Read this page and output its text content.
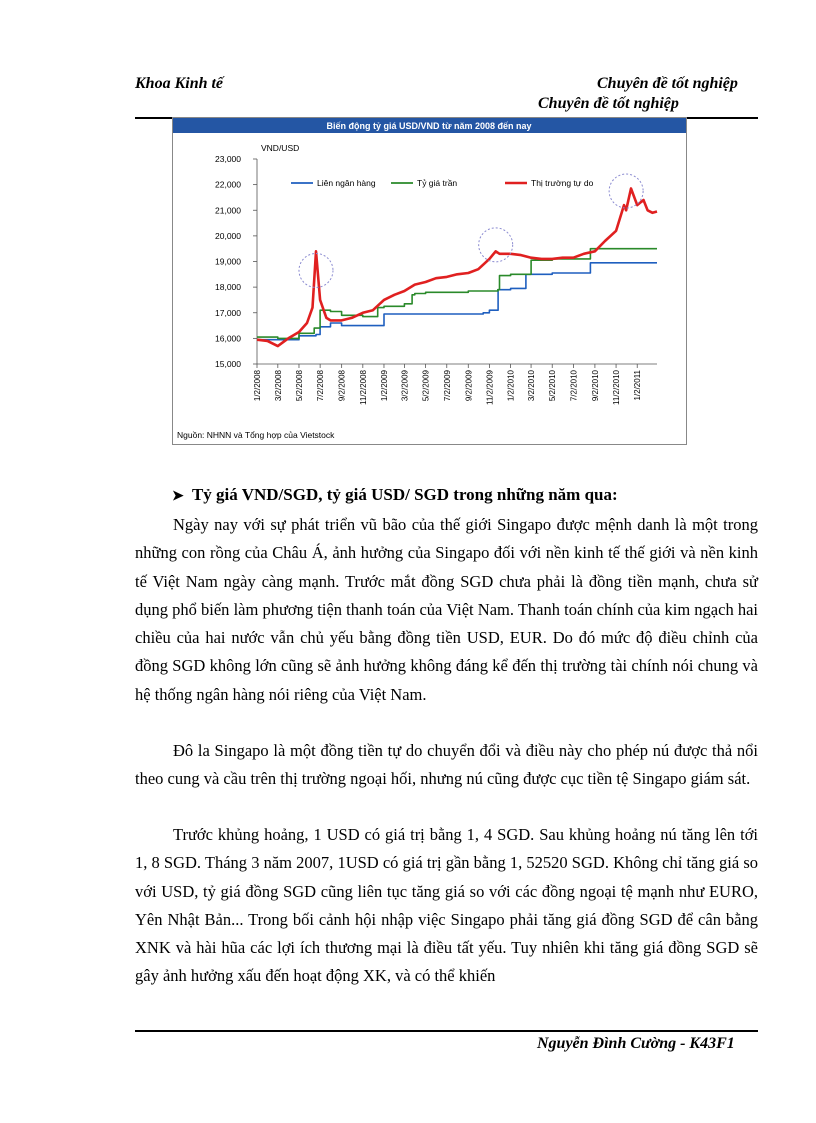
Khoa Kinh tế	Chuyên đề tốt nghiệp
Chuyên đề tốt nghiệp
Biến động tỷ giá USD/VND từ năm 2008 đến nay
VND/USD
Nguồn: NHNN và Tổng hợp của Vietstock
15,000
16,000
17,000
18,000
19,000
20,000
21,000
22,000
23,000
1/2/2008 3/2/2008 5/2/2008 7/2/2008 9/2/2008 11/2/2008 1/2/2009 3/2/2009 5/2/2009 7/2/2009 9/2/2009 11/2/2009 1/2/2010 3/2/2010 5/2/2010 7/2/2010 9/2/2010 11/2/2010 1/2/2011
Liên ngân hàng	Tỷ giá trần	Thị trường tự do
➤ Tỷ giá VND/SGD, tỷ giá USD/ SGD trong những năm qua:

Ngày nay với sự phát triển vũ bão của thế giới Singapo được mệnh danh là một trong những con rồng của Châu Á, ảnh hưởng của Singapo đối với nền kinh tế thế giới và nền kinh tế Việt Nam ngày càng mạnh. Trước mắt đồng SGD chưa phải là đồng tiền mạnh, chưa sử dụng phổ biến làm phương tiện thanh toán của Việt Nam. Thanh toán chính của kim ngạch hai chiều của hai nước vẫn chủ yếu bằng đồng tiền USD, EUR. Do đó mức độ điều chỉnh của đồng SGD không lớn cũng sẽ ảnh hưởng không đáng kể đến thị trường tài chính nói chung và hệ thống ngân hàng nói riêng của Việt Nam.

Đô la Singapo là một đồng tiền tự do chuyển đổi và điều này cho phép nú được thả nổi theo cung và cầu trên thị trường ngoại hối, nhưng nú cũng được cục tiền tệ Singapo giám sát.

Trước khủng hoảng, 1 USD có giá trị bằng 1, 4 SGD. Sau khủng hoảng nú tăng lên tới 1, 8 SGD. Tháng 3 năm 2007, 1USD có giá trị gần bằng 1, 52520 SGD. Không chỉ tăng giá so với USD, tỷ giá đồng SGD cũng liên tục tăng giá so với các đồng ngoại tệ mạnh như EURO, Yên Nhật Bản... Trong bối cảnh hội nhập việc Singapo phải tăng giá đồng SGD để cân bằng XNK và hài hũa các lợi ích thương mại là điều tất yếu. Tuy nhiên khi tăng giá đồng SGD sẽ gây ảnh hưởng xấu đến hoạt động XK, và có thể khiến

Nguyễn Đình Cường - K43F1
